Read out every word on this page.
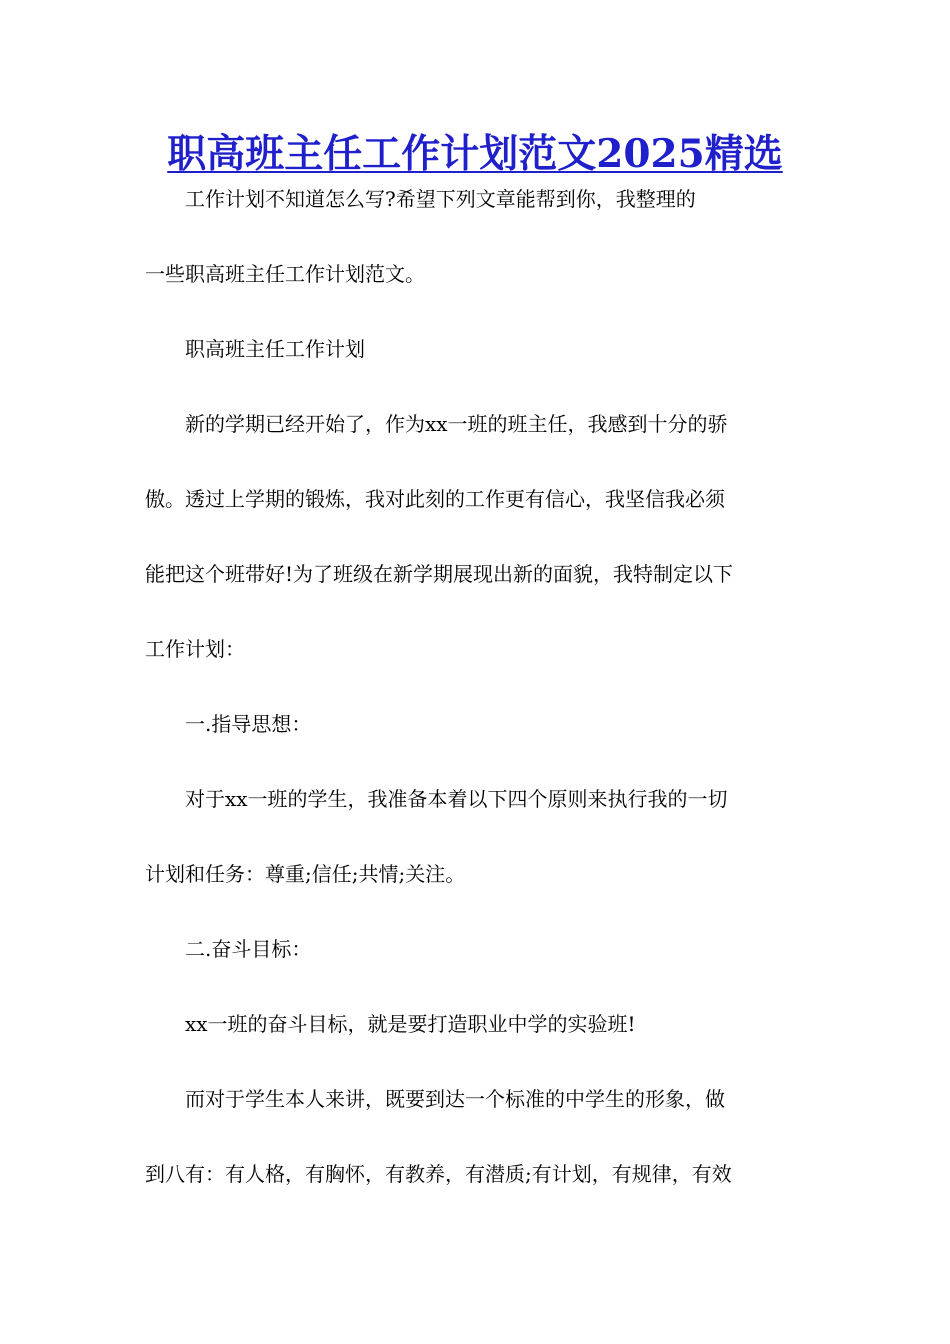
职高班主任工作计划范文2025精选

　　工作计划不知道怎么写?希望下列文章能帮到你，我整理的

一些职高班主任工作计划范文。

　　职高班主任工作计划

　　新的学期已经开始了，作为xx一班的班主任，我感到十分的骄

傲。透过上学期的锻炼，我对此刻的工作更有信心，我坚信我必须

能把这个班带好!为了班级在新学期展现出新的面貌，我特制定以下

工作计划：

　　一.指导思想：

　　对于xx一班的学生，我准备本着以下四个原则来执行我的一切

计划和任务：尊重;信任;共情;关注。

　　二.奋斗目标：

　　xx一班的奋斗目标，就是要打造职业中学的实验班!

　　而对于学生本人来讲，既要到达一个标准的中学生的形象，做

到八有：有人格，有胸怀，有教养，有潜质;有计划，有规律，有效
